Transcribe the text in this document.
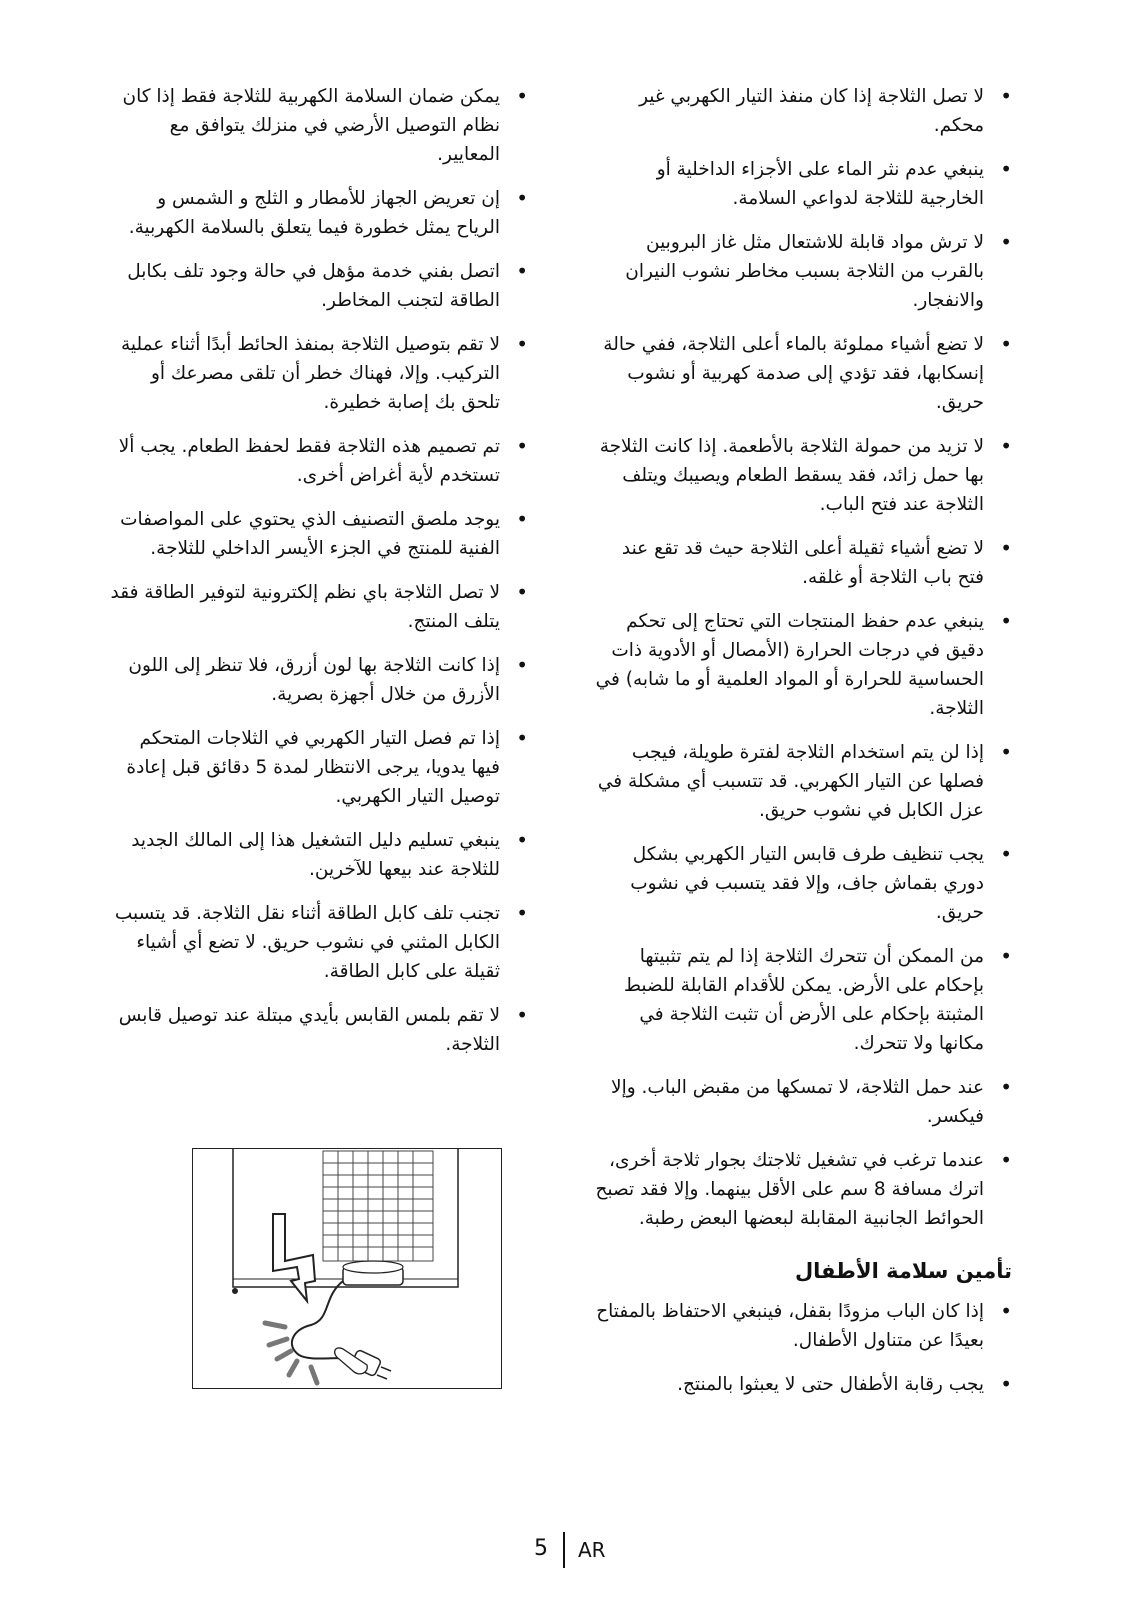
• لا تصل الثلاجة إذا كان منفذ التيار الكهربي غير محكم.
• ينبغي عدم نثر الماء على الأجزاء الداخلية أو الخارجية للثلاجة لدواعي السلامة.
• لا ترش مواد قابلة للاشتعال مثل غاز البروبين بالقرب من الثلاجة بسبب مخاطر نشوب النيران والانفجار.
• لا تضع أشياء مملوئة بالماء أعلى الثلاجة، ففي حالة إنسكابها، فقد تؤدي إلى صدمة كهربية أو نشوب حريق.
• لا تزيد من حمولة الثلاجة بالأطعمة. إذا كانت الثلاجة بها حمل زائد، فقد يسقط الطعام ويصيبك ويتلف الثلاجة عند فتح الباب.
• لا تضع أشياء ثقيلة أعلى الثلاجة حيث قد تقع عند فتح باب الثلاجة أو غلقه.
• ينبغي عدم حفظ المنتجات التي تحتاج إلى تحكم دقيق في درجات الحرارة (الأمصال أو الأدوية ذات الحساسية للحرارة أو المواد العلمية أو ما شابه) في الثلاجة.
• إذا لن يتم استخدام الثلاجة لفترة طويلة، فيجب فصلها عن التيار الكهربي. قد تتسبب أي مشكلة في عزل الكابل في نشوب حريق.
• يجب تنظيف طرف قابس التيار الكهربي بشكل دوري بقماش جاف، وإلا فقد يتسبب في نشوب حريق.
• من الممكن أن تتحرك الثلاجة إذا لم يتم تثبيتها بإحكام على الأرض. يمكن للأقدام القابلة للضبط المثبتة بإحكام على الأرض أن تثبت الثلاجة في مكانها ولا تتحرك.
• عند حمل الثلاجة، لا تمسكها من مقبض الباب. وإلا فيكسر.
• عندما ترغب في تشغيل ثلاجتك بجوار ثلاجة أخرى، اترك مسافة 8 سم على الأقل بينهما. وإلا فقد تصبح الحوائط الجانبية المقابلة لبعضها البعض رطبة.
تأمين سلامة الأطفال
• إذا كان الباب مزودًا بقفل، فينبغي الاحتفاظ بالمفتاح بعيدًا عن متناول الأطفال.
• يجب رقابة الأطفال حتى لا يعبثوا بالمنتج.
• يمكن ضمان السلامة الكهربية للثلاجة فقط إذا كان نظام التوصيل الأرضي في منزلك يتوافق مع المعايير.
• إن تعريض الجهاز للأمطار و الثلج و الشمس و الرياح يمثل خطورة فيما يتعلق بالسلامة الكهربية.
• اتصل بفني خدمة مؤهل في حالة وجود تلف بكابل الطاقة لتجنب المخاطر.
• لا تقم بتوصيل الثلاجة بمنفذ الحائط أبدًا أثناء عملية التركيب. وإلا، فهناك خطر أن تلقى مصرعك أو تلحق بك إصابة خطيرة.
• تم تصميم هذه الثلاجة فقط لحفظ الطعام. يجب ألا تستخدم لأية أغراض أخرى.
• يوجد ملصق التصنيف الذي يحتوي على المواصفات الفنية للمنتج في الجزء الأيسر الداخلي للثلاجة.
• لا تصل الثلاجة باي نظم إلكترونية لتوفير الطاقة فقد يتلف المنتج.
• إذا كانت الثلاجة بها لون أزرق، فلا تنظر إلى اللون الأزرق من خلال أجهزة بصرية.
• إذا تم فصل التيار الكهربي في الثلاجات المتحكم فيها يدويا، يرجى الانتظار لمدة 5 دقائق قبل إعادة توصيل التيار الكهربي.
• ينبغي تسليم دليل التشغيل هذا إلى المالك الجديد للثلاجة عند بيعها للآخرين.
• تجنب تلف كابل الطاقة أثناء نقل الثلاجة. قد يتسبب الكابل المثني في نشوب حريق. لا تضع أي أشياء ثقيلة على كابل الطاقة.
• لا تقم بلمس القابس بأيدي مبتلة عند توصيل قابس الثلاجة.
5 AR
